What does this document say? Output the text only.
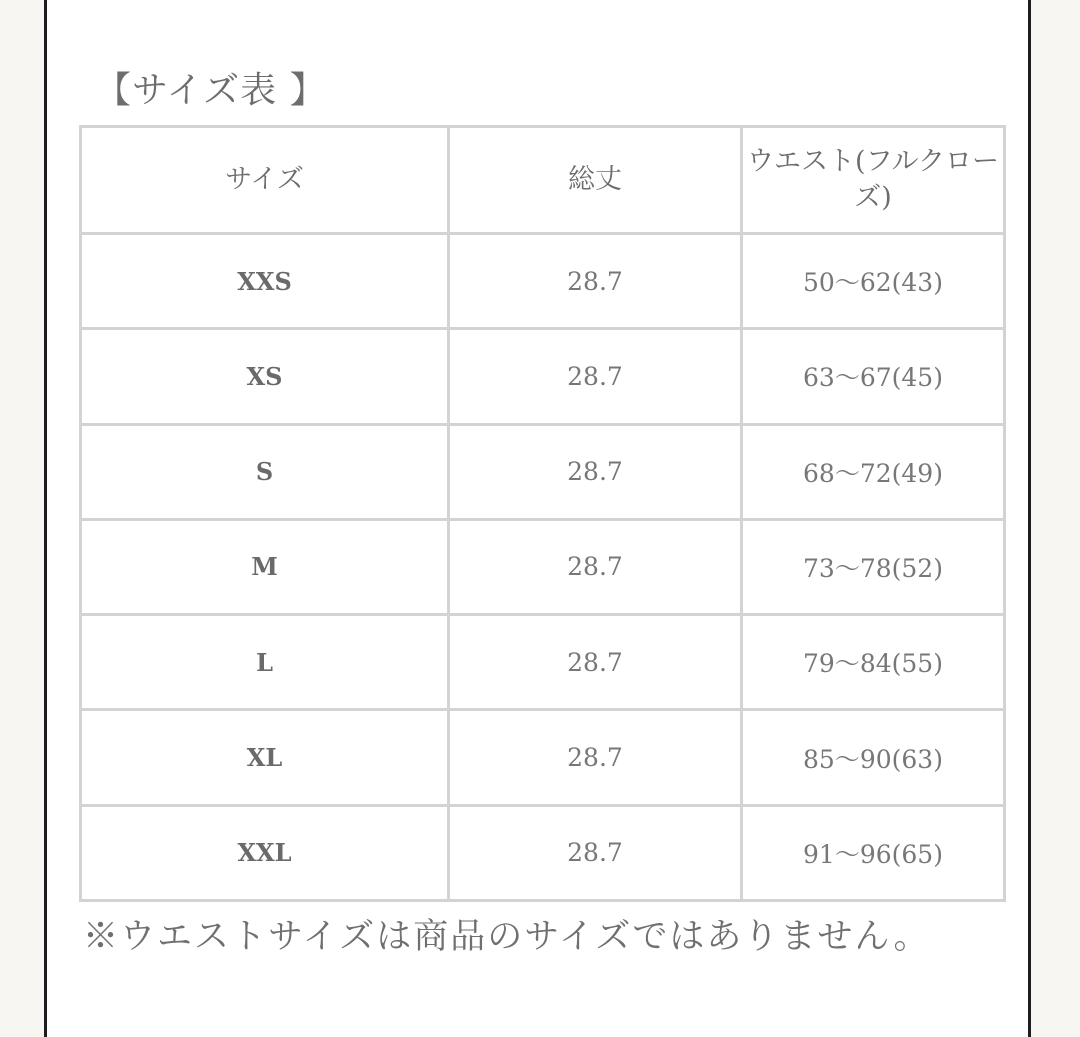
【サイズ表 】
サイズ	総丈	ウエスト(フルクローズ)
XXS	28.7	50〜62(43)
XS	28.7	63〜67(45)
S	28.7	68〜72(49)
M	28.7	73〜78(52)
L	28.7	79〜84(55)
XL	28.7	85〜90(63)
XXL	28.7	91〜96(65)
※ウエストサイズは商品のサイズではありません。
